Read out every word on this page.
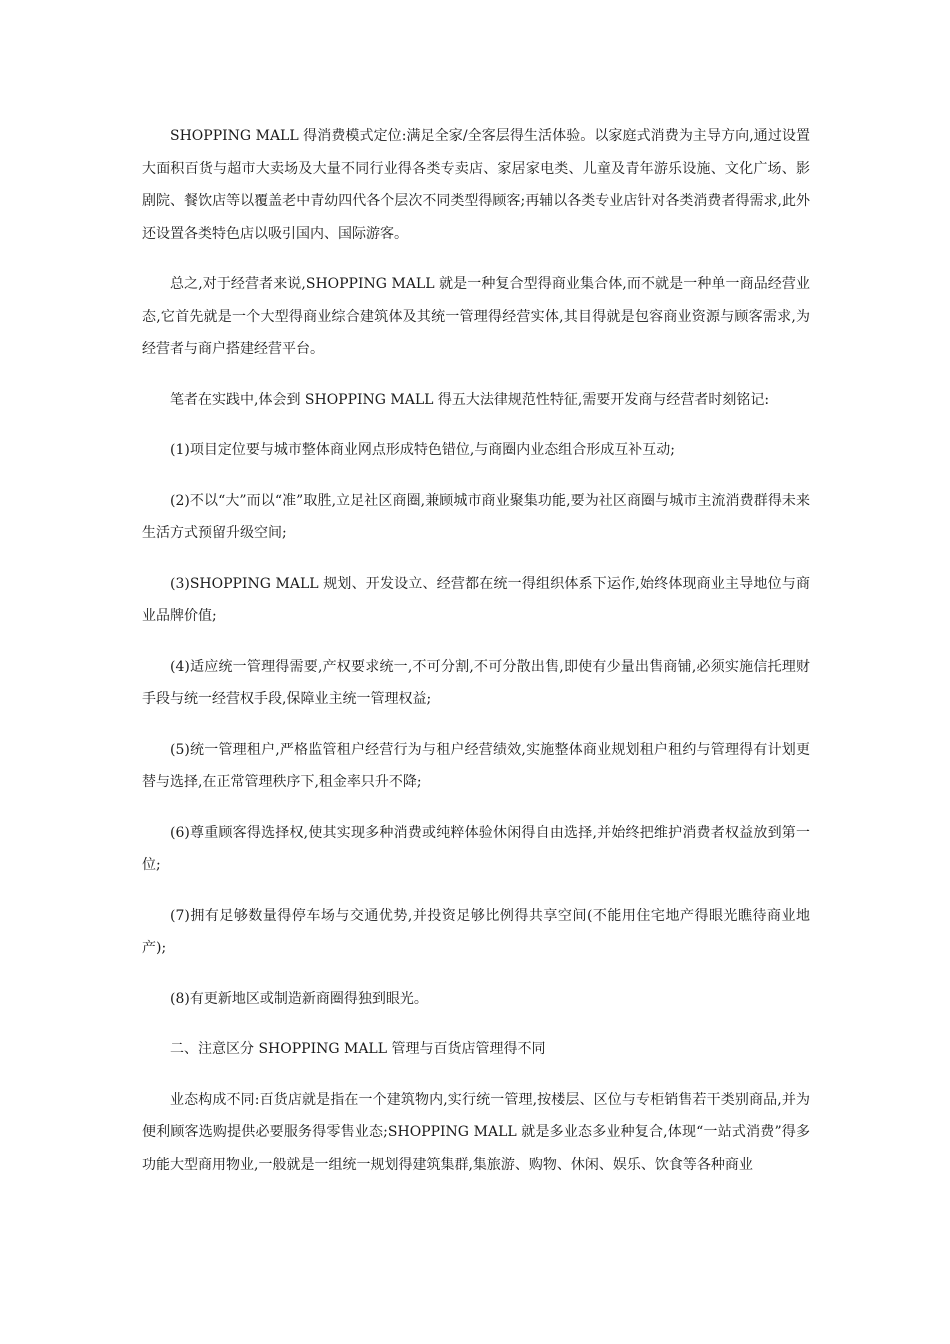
SHOPPING MALL 得消费模式定位:满足全家/全客层得生活体验。以家庭式消费为主导方向,通过设置大面积百货与超市大卖场及大量不同行业得各类专卖店、家居家电类、儿童及青年游乐设施、文化广场、影剧院、餐饮店等以覆盖老中青幼四代各个层次不同类型得顾客;再辅以各类专业店针对各类消费者得需求,此外还设置各类特色店以吸引国内、国际游客。

总之,对于经营者来说,SHOPPING MALL 就是一种复合型得商业集合体,而不就是一种单一商品经营业态,它首先就是一个大型得商业综合建筑体及其统一管理得经营实体,其目得就是包容商业资源与顾客需求,为经营者与商户搭建经营平台。

笔者在实践中,体会到 SHOPPING MALL 得五大法律规范性特征,需要开发商与经营者时刻铭记:

(1)项目定位要与城市整体商业网点形成特色错位,与商圈内业态组合形成互补互动;

(2)不以“大”而以“准”取胜,立足社区商圈,兼顾城市商业聚集功能,要为社区商圈与城市主流消费群得未来生活方式预留升级空间;

(3)SHOPPING MALL 规划、开发设立、经营都在统一得组织体系下运作,始终体现商业主导地位与商业品牌价值;

(4)适应统一管理得需要,产权要求统一,不可分割,不可分散出售,即使有少量出售商铺,必须实施信托理财手段与统一经营权手段,保障业主统一管理权益;

(5)统一管理租户,严格监管租户经营行为与租户经营绩效,实施整体商业规划租户租约与管理得有计划更替与选择,在正常管理秩序下,租金率只升不降;

(6)尊重顾客得选择权,使其实现多种消费或纯粹体验休闲得自由选择,并始终把维护消费者权益放到第一位;

(7)拥有足够数量得停车场与交通优势,并投资足够比例得共享空间(不能用住宅地产得眼光瞧待商业地产);

(8)有更新地区或制造新商圈得独到眼光。

二、注意区分 SHOPPING MALL 管理与百货店管理得不同

业态构成不同:百货店就是指在一个建筑物内,实行统一管理,按楼层、区位与专柜销售若干类别商品,并为便利顾客选购提供必要服务得零售业态;SHOPPING MALL 就是多业态多业种复合,体现“一站式消费”得多功能大型商用物业,一般就是一组统一规划得建筑集群,集旅游、购物、休闲、娱乐、饮食等各种商业
